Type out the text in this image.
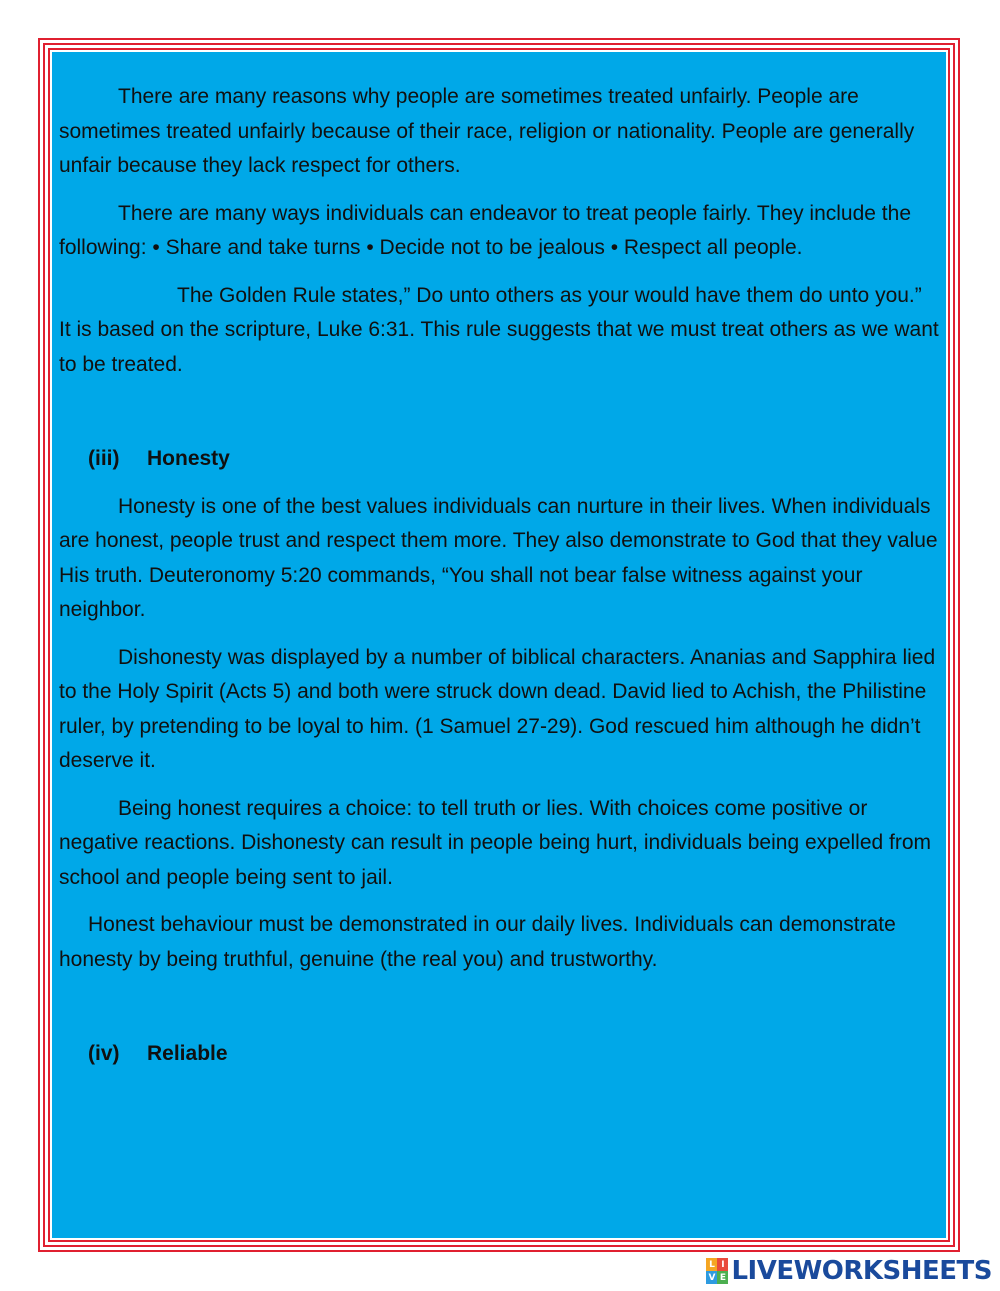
There are many reasons why people are sometimes treated unfairly. People are sometimes treated unfairly because of their race, religion or nationality. People are generally unfair because they lack respect for others.

There are many ways individuals can endeavor to treat people fairly. They include the following: • Share and take turns • Decide not to be jealous • Respect all people.

The Golden Rule states,” Do unto others as your would have them do unto you.” It is based on the scripture, Luke 6:31. This rule suggests that we must treat others as we want to be treated.

(iii)	Honesty

Honesty is one of the best values individuals can nurture in their lives. When individuals are honest, people trust and respect them more. They also demonstrate to God that they value His truth. Deuteronomy 5:20 commands, “You shall not bear false witness against your neighbor.

Dishonesty was displayed by a number of biblical characters. Ananias and Sapphira lied to the Holy Spirit (Acts 5) and both were struck down dead. David lied to Achish, the Philistine ruler, by pretending to be loyal to him. (1 Samuel 27-29). God rescued him although he didn’t deserve it.

Being honest requires a choice: to tell truth or lies. With choices come positive or negative reactions. Dishonesty can result in people being hurt, individuals being expelled from school and people being sent to jail.

Honest behaviour must be demonstrated in our daily lives. Individuals can demonstrate honesty by being truthful, genuine (the real you) and trustworthy.

(iv)	Reliable
L I
V E LIVEWORKSHEETS
